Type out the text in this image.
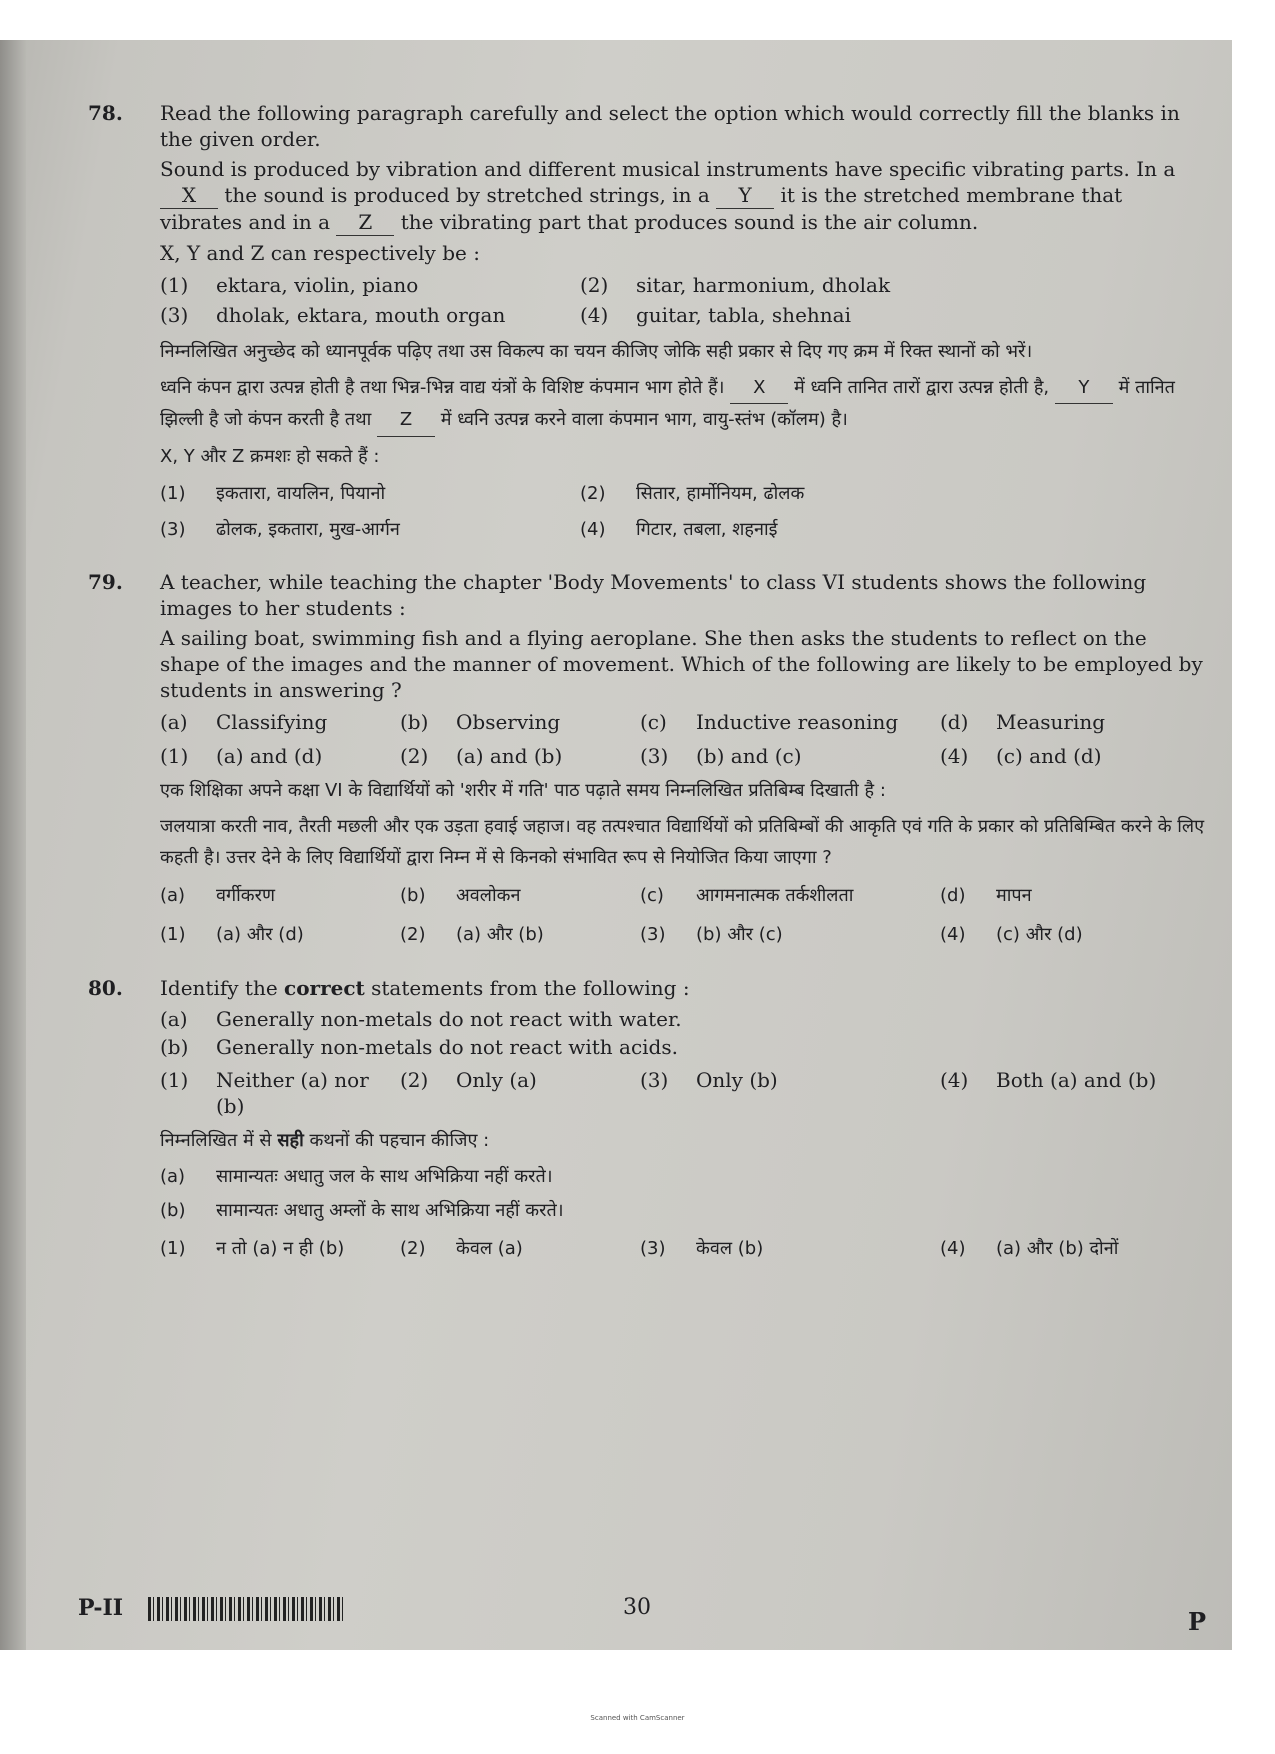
78. Read the following paragraph carefully and select the option which would correctly fill the blanks in the given order.

Sound is produced by vibration and different musical instruments have specific vibrating parts. In a X the sound is produced by stretched strings, in a Y it is the stretched membrane that vibrates and in a Z the vibrating part that produces sound is the air column.

X, Y and Z can respectively be :

(1) ektara, violin, piano	(2) sitar, harmonium, dholak
(3) dholak, ektara, mouth organ	(4) guitar, tabla, shehnai

निम्नलिखित अनुच्छेद को ध्यानपूर्वक पढ़िए तथा उस विकल्प का चयन कीजिए जोकि सही प्रकार से दिए गए क्रम में रिक्त स्थानों को भरें।

ध्वनि कंपन द्वारा उत्पन्न होती है तथा भिन्न-भिन्न वाद्य यंत्रों के विशिष्ट कंपमान भाग होते हैं। X में ध्वनि तानित तारों द्वारा उत्पन्न होती है, Y में तानित झिल्ली है जो कंपन करती है तथा Z में ध्वनि उत्पन्न करने वाला कंपमान भाग, वायु-स्तंभ (कॉलम) है।

X, Y और Z क्रमशः हो सकते हैं :

(1)	इकतारा, वायलिन, पियानो	(2)	सितार, हार्मोनियम, ढोलक
(3)	ढोलक, इकतारा, मुख-आर्गन	(4)	गिटार, तबला, शहनाई
79. A teacher, while teaching the chapter 'Body Movements' to class VI students shows the following images to her students :

A sailing boat, swimming fish and a flying aeroplane. She then asks the students to reflect on the shape of the images and the manner of movement. Which of the following are likely to be employed by students in answering ?

(a)	Classifying	(b) Observing	(c)	Inductive reasoning (d) Measuring
(1) (a) and (d)	(2) (a) and (b)	(3) (b) and (c)	(4) (c) and (d)

एक शिक्षिका अपने कक्षा VI के विद्यार्थियों को 'शरीर में गति' पाठ पढ़ाते समय निम्नलिखित प्रतिबिम्ब दिखाती है :

जलयात्रा करती नाव, तैरती मछली और एक उड़ता हवाई जहाज। वह तत्पश्चात विद्यार्थियों को प्रतिबिम्बों की आकृति एवं गति के प्रकार को प्रतिबिम्बित करने के लिए कहती है। उत्तर देने के लिए विद्यार्थियों द्वारा निम्न में से किनको संभावित रूप से नियोजित किया जाएगा ?

(a)	वर्गीकरण	(b)	अवलोकन	(c)	आगमनात्मक तर्कशीलता	(d)	मापन
(1)	(a) और (d)	(2)	(a) और (b)	(3)	(b) और (c)	(4)	(c) और (d)
80. Identify the correct statements from the following :

(a)	Generally non-metals do not react with water.
(b) Generally non-metals do not react with acids.
(1) Neither (a) nor (b)
(2) Only (a)	(3) Only (b)	(4) Both (a) and (b)

निम्नलिखित में से सही कथनों की पहचान कीजिए :

(a)	सामान्यतः अधातु जल के साथ अभिक्रिया नहीं करते।
(b)	सामान्यतः अधातु अम्लों के साथ अभिक्रिया नहीं करते।
(1)	न तो (a) न ही (b)	(2)	केवल (a)	(3)	केवल (b)	(4)	(a) और (b) दोनों
P-II	30	P
Scanned with CamScanner
